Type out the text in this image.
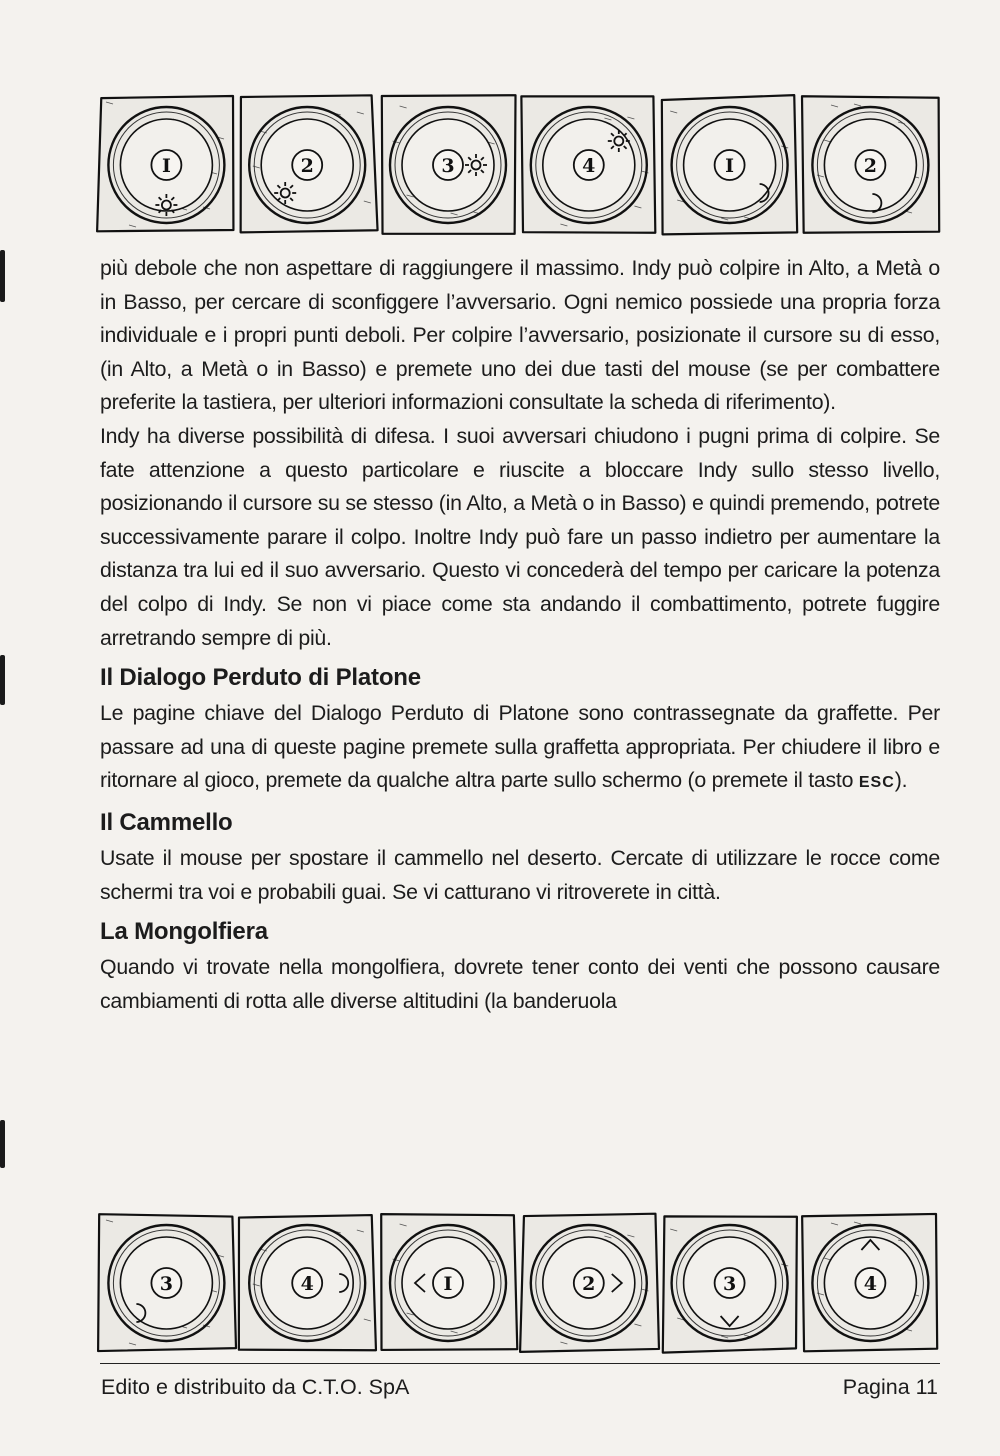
I	2	3	4	I	2

più debole che non aspettare di raggiungere il massimo. Indy può colpire in Alto, a Metà o in Basso, per cercare di sconfiggere l’avversario. Ogni nemico possiede una propria forza individuale e i propri punti deboli. Per colpire l’avversario, posizionate il cursore su di esso, (in Alto, a Metà o in Basso) e premete uno dei due tasti del mouse (se per combattere preferite la tastiera, per ulteriori informazioni consultate la scheda di riferimento).

Indy ha diverse possibilità di difesa. I suoi avversari chiudono i pugni prima di colpire. Se fate attenzione a questo particolare e riuscite a bloccare Indy sullo stesso livello, posizionando il cursore su se stesso (in Alto, a Metà o in Basso) e quindi premendo, potrete successivamente parare il colpo. Inoltre Indy può fare un passo indietro per aumentare la distanza tra lui ed il suo avversario. Questo vi concederà del tempo per caricare la potenza del colpo di Indy. Se non vi piace come sta andando il combattimento, potrete fuggire arretrando sempre di più.

Il Dialogo Perduto di Platone

Le pagine chiave del Dialogo Perduto di Platone sono contrassegnate da graffette. Per passare ad una di queste pagine premete sulla graffetta appropriata. Per chiudere il libro e ritornare al gioco, premete da qualche altra parte sullo schermo (o premete il tasto ESC).

Il Cammello

Usate il mouse per spostare il cammello nel deserto. Cercate di utilizzare le rocce come schermi tra voi e probabili guai. Se vi catturano vi ritroverete in città.

La Mongolfiera

Quando vi trovate nella mongolfiera, dovrete tener conto dei venti che possono causare cambiamenti di rotta alle diverse altitudini (la banderuola

3	4	I	2	3	4
Edito e distribuito da C.T.O. SpA	Pagina 11
